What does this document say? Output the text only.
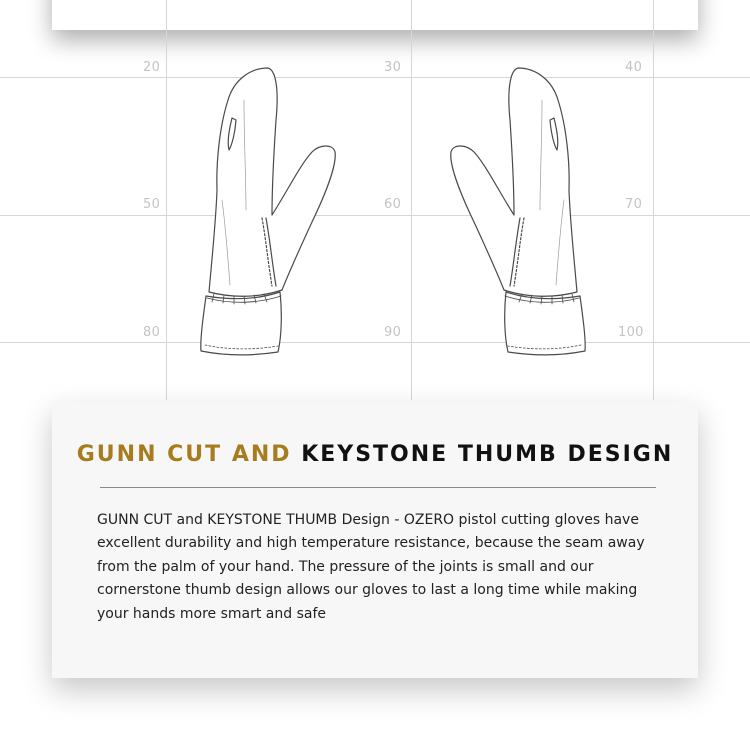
20	30	40
50	60	70
80	90	100
GUNN CUT AND KEYSTONE THUMB DESIGN
GUNN CUT and KEYSTONE THUMB Design - OZERO pistol cutting gloves have
excellent durability and high temperature resistance, because the seam away
from the palm of your hand. The pressure of the joints is small and our
cornerstone thumb design allows our gloves to last a long time while making
your hands more smart and safe
